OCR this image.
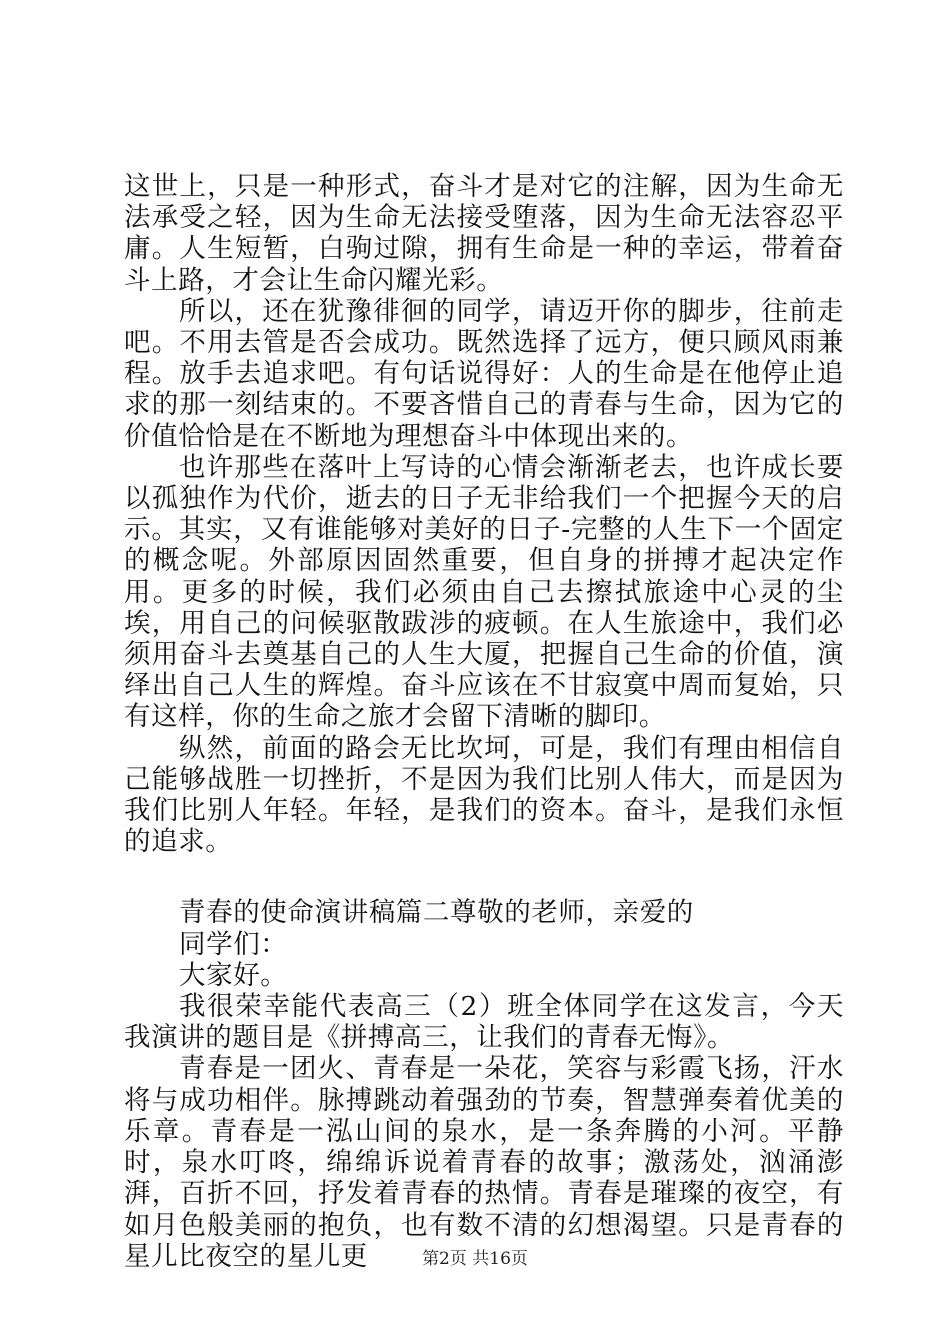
这世上，只是一种形式，奋斗才是对它的注解，因为生命无法承受之轻，因为生命无法接受堕落，因为生命无法容忍平庸。人生短暂，白驹过隙，拥有生命是一种的幸运，带着奋斗上路，才会让生命闪耀光彩。

所以，还在犹豫徘徊的同学，请迈开你的脚步，往前走吧。不用去管是否会成功。既然选择了远方，便只顾风雨兼程。放手去追求吧。有句话说得好：人的生命是在他停止追求的那一刻结束的。不要吝惜自己的青春与生命，因为它的价值恰恰是在不断地为理想奋斗中体现出来的。

也许那些在落叶上写诗的心情会渐渐老去，也许成长要以孤独作为代价，逝去的日子无非给我们一个把握今天的启示。其实，又有谁能够对美好的日子-完整的人生下一个固定的概念呢。外部原因固然重要，但自身的拼搏才起决定作用。更多的时候，我们必须由自己去擦拭旅途中心灵的尘埃，用自己的问候驱散跋涉的疲顿。在人生旅途中，我们必须用奋斗去奠基自己的人生大厦，把握自己生命的价值，演绎出自己人生的辉煌。奋斗应该在不甘寂寞中周而复始，只有这样，你的生命之旅才会留下清晰的脚印。

纵然，前面的路会无比坎坷，可是，我们有理由相信自己能够战胜一切挫折，不是因为我们比别人伟大，而是因为我们比别人年轻。年轻，是我们的资本。奋斗，是我们永恒的追求。

青春的使命演讲稿篇二尊敬的老师，亲爱的

同学们：

大家好。

我很荣幸能代表高三（2）班全体同学在这发言，今天我演讲的题目是《拼搏高三，让我们的青春无悔》。

青春是一团火、青春是一朵花，笑容与彩霞飞扬，汗水将与成功相伴。脉搏跳动着强劲的节奏，智慧弹奏着优美的乐章。青春是一泓山间的泉水，是一条奔腾的小河。平静时，泉水叮咚，绵绵诉说着青春的故事；激荡处，汹涌澎湃，百折不回，抒发着青春的热情。青春是璀璨的夜空，有如月色般美丽的抱负，也有数不清的幻想渴望。只是青春的星儿比夜空的星儿更	第2页 共16页
